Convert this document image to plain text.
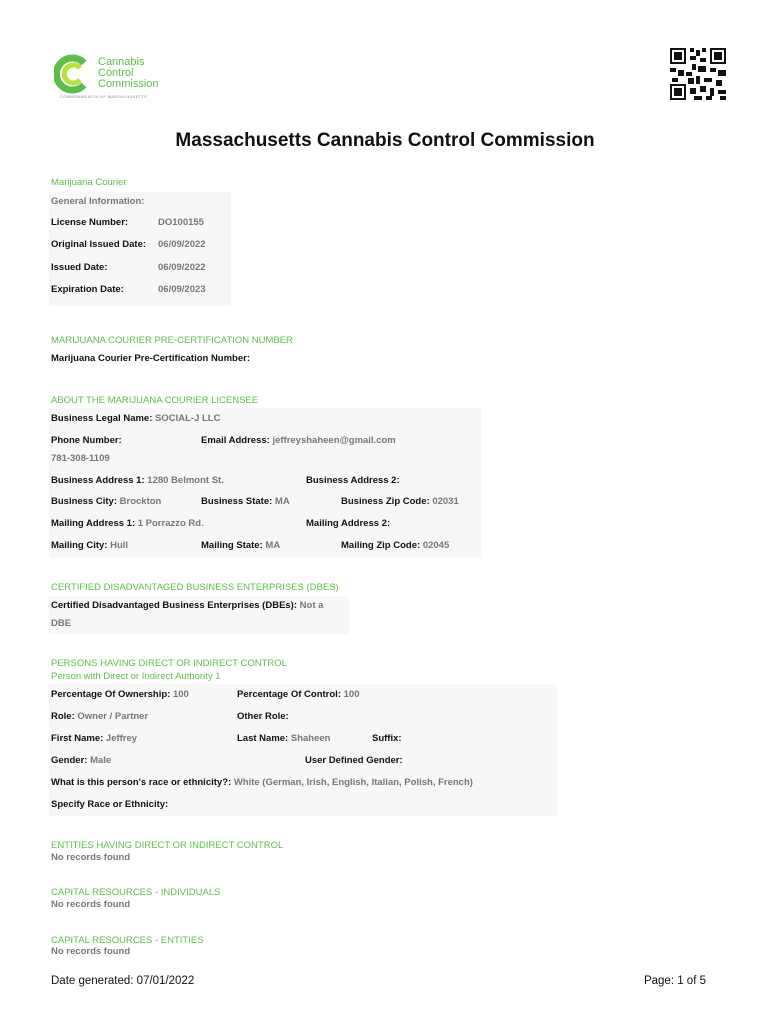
Cannabis
Control
Commission
COMMONWEALTH OF MASSACHUSETTS
Massachusetts Cannabis Control Commission
Marijuana Courier
General Information:
License Number:	DO100155
Original Issued Date: 06/09/2022
Issued Date:	06/09/2022
Expiration Date:	06/09/2023
MARIJUANA COURIER PRE-CERTIFICATION NUMBER
Marijuana Courier Pre-Certification Number:
ABOUT THE MARIJUANA COURIER LICENSEE
Business Legal Name: SOCIAL-J LLC
Phone Number:	Email Address: jeffreyshaheen@gmail.com
781-308-1109
Business Address 1: 1280 Belmont St.	Business Address 2:
Business City: Brockton	Business State: MA	Business Zip Code: 02031
Mailing Address 1: 1 Porrazzo Rd.	Mailing Address 2:
Mailing City: Hull	Mailing State: MA	Mailing Zip Code: 02045
CERTIFIED DISADVANTAGED BUSINESS ENTERPRISES (DBES)
Certified Disadvantaged Business Enterprises (DBEs): Not a
DBE
PERSONS HAVING DIRECT OR INDIRECT CONTROL
Person with Direct or Indirect Authority 1
Percentage Of Ownership: 100	Percentage Of Control: 100
Role: Owner / Partner	Other Role:
First Name: Jeffrey	Last Name: Shaheen	Suffix:
Gender: Male	User Defined Gender:
What is this person's race or ethnicity?: White (German, Irish, English, Italian, Polish, French)
Specify Race or Ethnicity:
ENTITIES HAVING DIRECT OR INDIRECT CONTROL
No records found
CAPITAL RESOURCES - INDIVIDUALS
No records found
CAPITAL RESOURCES - ENTITIES
No records found
Date generated: 07/01/2022	Page: 1 of 5
